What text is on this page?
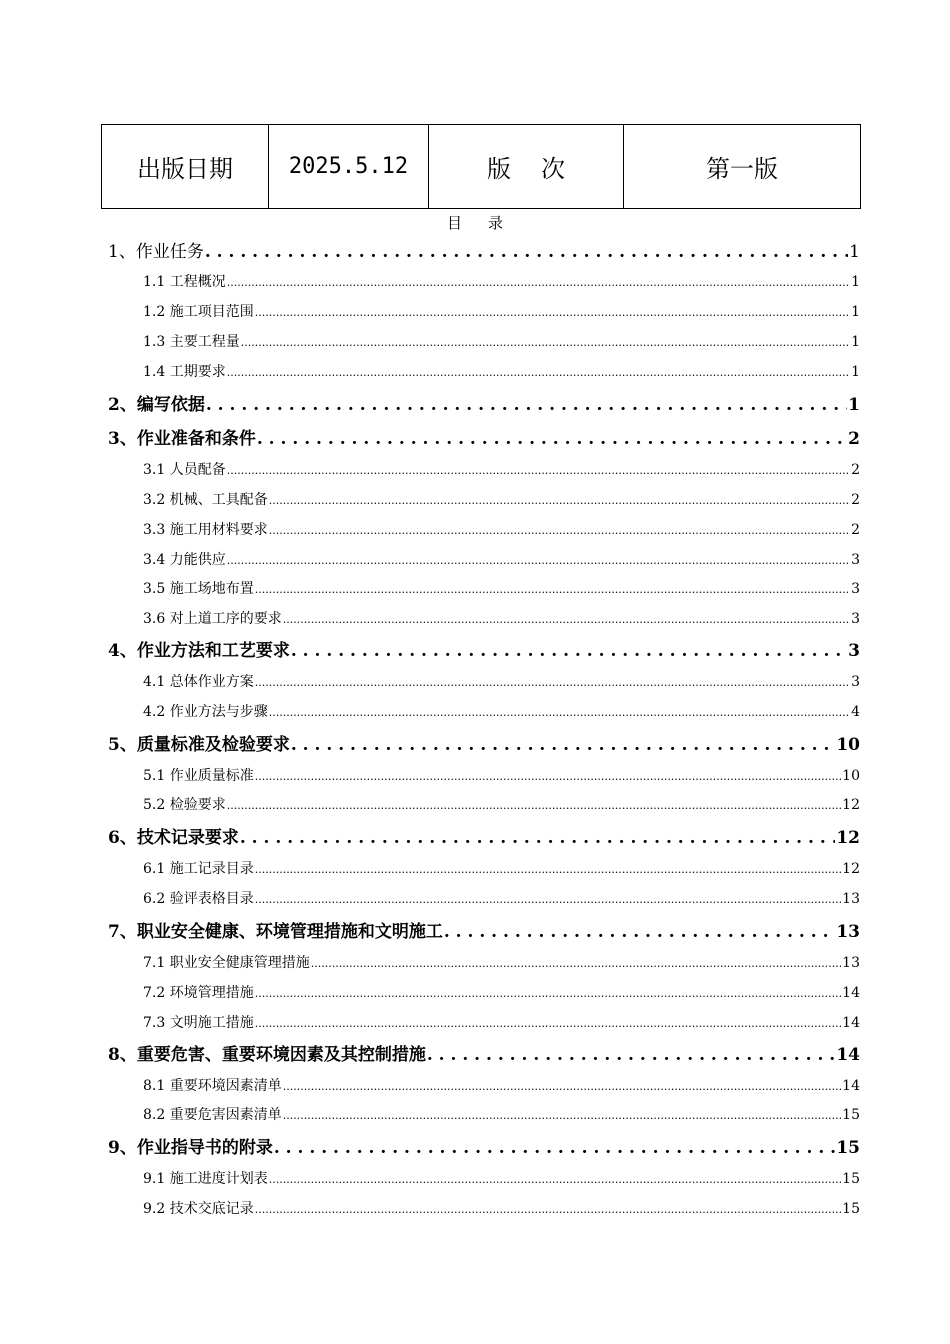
出版日期	2025.5.12	版次	第一版
目录
1、作业任务 . . .	1
1.1 工程概况 .....	1
1.2 施工项目范围 .....	1
1.3 主要工程量 .....	1
1.4 工期要求 .....	1
2、编写依据 . . .	1
3、作业准备和条件 . . .	2
3.1 人员配备 .....	2
3.2 机械、工具配备 .....	2
3.3 施工用材料要求 .....	2
3.4 力能供应 .....	3
3.5 施工场地布置 .....	3
3.6 对上道工序的要求 .....	3
4、作业方法和工艺要求 . . .	3
4.1 总体作业方案 .....	3
4.2 作业方法与步骤 .....	4
5、质量标准及检验要求 . . .	10
5.1 作业质量标准 .....	10
5.2 检验要求 .....	12
6、技术记录要求 . . .	12
6.1 施工记录目录 .....	12
6.2 验评表格目录 .....	13
7、职业安全健康、环境管理措施和文明施工 . . .	13
7.1 职业安全健康管理措施 .....	13
7.2 环境管理措施 .....	14
7.3 文明施工措施 .....	14
8、重要危害、重要环境因素及其控制措施 . . .	14
8.1 重要环境因素清单 .....	14
8.2 重要危害因素清单 .....	15
9、作业指导书的附录 . . .	15
9.1 施工进度计划表 .....	15
9.2 技术交底记录 .....	15
